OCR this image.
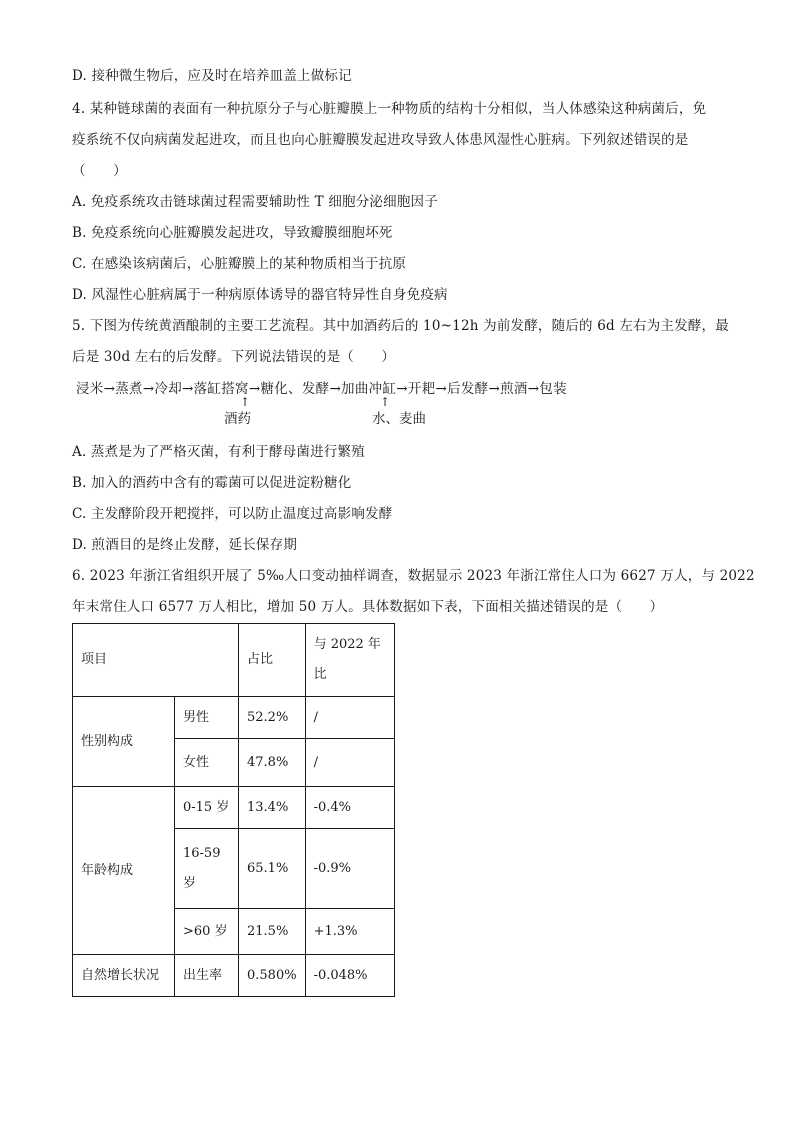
D. 接种微生物后，应及时在培养皿盖上做标记
4. 某种链球菌的表面有一种抗原分子与心脏瓣膜上一种物质的结构十分相似，当人体感染这种病菌后，免
疫系统不仅向病菌发起进攻，而且也向心脏瓣膜发起进攻导致人体患风湿性心脏病。下列叙述错误的是
（　　）
A. 免疫系统攻击链球菌过程需要辅助性 T 细胞分泌细胞因子
B. 免疫系统向心脏瓣膜发起进攻，导致瓣膜细胞坏死
C. 在感染该病菌后，心脏瓣膜上的某种物质相当于抗原
D. 风湿性心脏病属于一种病原体诱导的器官特异性自身免疫病
5. 下图为传统黄酒酿制的主要工艺流程。其中加酒药后的 10~12h 为前发酵，随后的 6d 左右为主发酵，最
后是 30d 左右的后发酵。下列说法错误的是（　　）
浸米→蒸煮→冷却→落缸搭窝→糖化、发酵→加曲冲缸→开耙→后发酵→煎酒→包装
↑
酒药
↑
水、麦曲
A. 蒸煮是为了严格灭菌，有利于酵母菌进行繁殖
B. 加入的酒药中含有的霉菌可以促进淀粉糖化
C. 主发酵阶段开耙搅拌，可以防止温度过高影响发酵
D. 煎酒目的是终止发酵，延长保存期
6. 2023 年浙江省组织开展了 5‰人口变动抽样调查，数据显示 2023 年浙江常住人口为 6627 万人，与 2022
年末常住人口 6577 万人相比，增加 50 万人。具体数据如下表，下面相关描述错误的是（　　）
项目		占比	与 2022 年
比

性别构成	男性	52.2%	/
	女性	47.8%	/
年龄构成	0-15 岁	13.4%	-0.4%

	16-59
岁	65.1%	-0.9%
	>60 岁	21.5%	+1.3%
自然增长状况	出生率	0.580%	-0.048%
